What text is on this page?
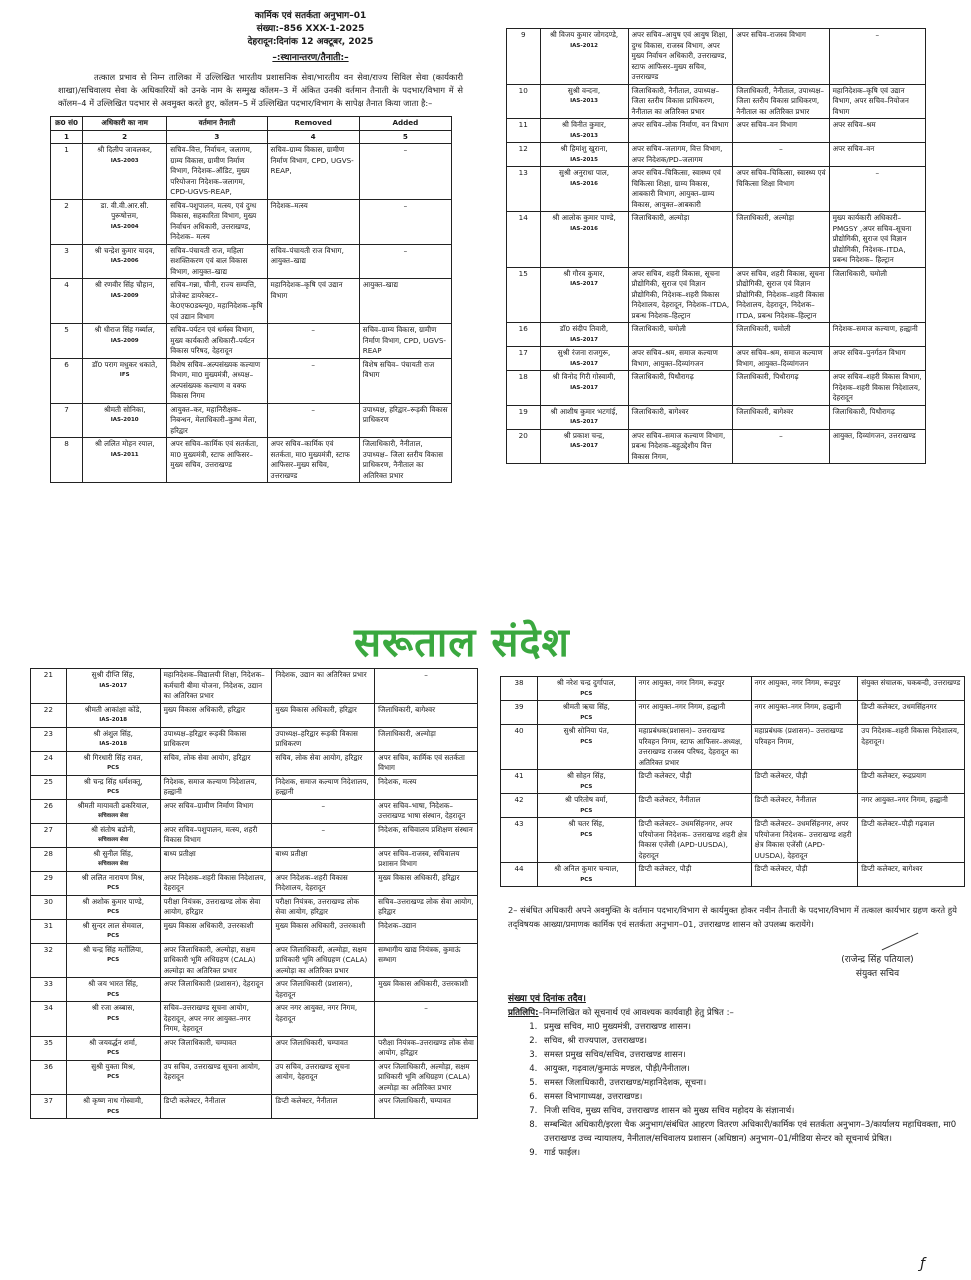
कार्मिक एवं सतर्कता अनुभाग–01
संख्या:–856 XXX-1-2025
देहरादून:दिनांक 12 अक्टूबर, 2025
–:स्थानान्तरण/तैनाती:–

तत्काल प्रभाव से निम्न तालिका में उल्लिखित भारतीय प्रशासनिक सेवा/भारतीय वन सेवा/राज्य सिविल सेवा (कार्यकारी शाखा)/सचिवालय सेवा के अधिकारियों को उनके नाम के सम्मुख कॉलम–3 में अंकित उनकी वर्तमान तैनाती के पदभार/विभाग में से कॉलम–4 में उल्लिखित पदभार से अवमुक्त करते हुए, कॉलम–5 में उल्लिखित पदभार/विभाग के सापेक्ष तैनात किया जाता है:–

क्र0 सं0	अधिकारी का नाम	वर्तमान तैनाती	Removed	Added
1	2	3	4	5
1	श्री दिलीप जावलकर,
IAS-2003	सचिव–वित्त, निर्वाचन, जलागम, ग्राम्य विकास, ग्रामीण निर्माण विभाग, निदेशक–ऑडिट, मुख्य परियोजना निदेशक–जलागम, CPD-UGVS-REAP,	सचिव–ग्राम्य विकास, ग्रामीण निर्माण विभाग, CPD, UGVS-REAP,	–
2	डा. वी.वी.आर.सी. पुरूषोत्तम,
IAS-2004	सचिव–पशुपालन, मत्स्य, एवं दुग्ध विकास, सहकारिता विभाग, मुख्य निर्वाचन अधिकारी, उत्तराखण्ड, निदेशक– मत्स्य	निदेशक–मत्स्य	–
3	श्री चन्द्रेश कुमार यादव,
IAS-2006	सचिव–पंचायती राज, महिला सशक्तिकरण एवं बाल विकास विभाग, आयुक्त–खाद्य	सचिव–पंचायती राज विभाग, आयुक्त–खाद्य	–
4	श्री रणवीर सिंह चौहान,
IAS-2009	सचिव–गन्ना, चीनी, राज्य सम्पत्ति, प्रोजेक्ट डायरेक्टर– के0एफ0डब्ल्यू0, महानिदेशक–कृषि एवं उद्यान विभाग	महानिदेशक–कृषि एवं उद्यान विभाग	आयुक्त–खाद्य
5	श्री धीराज सिंह गर्ब्याल,
IAS-2009	सचिव–पर्यटन एवं धर्मस्व विभाग, मुख्य कार्यकारी अधिकारी–पर्यटन विकास परिषद, देहरादून	–	सचिव–ग्राम्य विकास, ग्रामीण निर्माण विभाग, CPD, UGVS-REAP
6	डॉ0 पराग मधुकर धकाते,
IFS	विशेष सचिव–अल्पसंख्यक कल्याण विभाग, मा0 मुख्यमंत्री, अध्यक्ष– अल्पसंख्यक कल्याण व वक्फ विकास निगम	–	विशेष सचिव– पंचायती राज विभाग
7	श्रीमती सोनिका,
IAS-2010	आयुक्त–कर, महानिरीक्षक–निबन्धन, मेलाधिकारी–कुम्भ मेला, हरिद्वार	–	उपाध्यक्ष, हरिद्वार–रूड़की विकास प्राधिकरण
8	श्री ललित मोहन रयाल,
IAS-2011	अपर सचिव–कार्मिक एवं सतर्कता, मा0 मुख्यमंत्री, स्टाफ आफिसर–मुख्य सचिव, उत्तराखण्ड	अपर सचिव–कार्मिक एवं सतर्कता, मा0 मुख्यमंत्री, स्टाफ आफिसर–मुख्य सचिव, उत्तराखण्ड	जिलाधिकारी, नैनीताल, उपाध्यक्ष– जिला स्तरीय विकास प्राधिकरण, नैनीताल का अतिरिक्त प्रभार
9	श्री विजय कुमार जोगदण्डे,
IAS-2012	अपर सचिव–आयुष एवं आयुष शिक्षा, दुग्ध विकास, राजस्व विभाग, अपर मुख्य निर्वाचन अधिकारी, उत्तराखण्ड, स्टाफ आफिसर–मुख्य सचिव, उत्तराखण्ड	अपर सचिव–राजस्व विभाग	–
10	सुश्री वन्दना,
IAS-2013	जिलाधिकारी, नैनीताल, उपाध्यक्ष–जिला स्तरीय विकास प्राधिकरण, नैनीताल का अतिरिक्त प्रभार	जिलाधिकारी, नैनीताल, उपाध्यक्ष–जिला स्तरीय विकास प्राधिकरण, नैनीताल का अतिरिक्त प्रभार	महानिदेशक–कृषि एवं उद्यान विभाग, अपर सचिव–नियोजन विभाग
11	श्री विनीत कुमार,
IAS-2013	अपर सचिव–लोक निर्माण, वन विभाग	अपर सचिव–वन विभाग	अपर सचिव–श्रम
12	श्री हिमांशु खुराना,
IAS-2015	अपर सचिव–जलागम, वित्त विभाग, अपर निदेशक/PD–जलागम	–	अपर सचिव–वन
13	सुश्री अनुराधा पाल,
IAS-2016	अपर सचिव–चिकित्सा, स्वास्थ्य एवं चिकित्सा शिक्षा, ग्राम्य विकास, आबकारी विभाग, आयुक्त–ग्राम्य विकास, आयुक्त–आबकारी	अपर सचिव–चिकित्सा, स्वास्थ्य एवं चिकित्सा शिक्षा विभाग	–
14	श्री आलोक कुमार पाण्डे,
IAS-2016	जिलाधिकारी, अल्मोड़ा	जिलाधिकारी, अल्मोड़ा	मुख्य कार्यकारी अधिकारी–PMGSY ,अपर सचिव–सूचना प्रौद्योगिकी, सुराज एवं विज्ञान प्रौद्योगिकी, निदेशक–ITDA, प्रबन्ध निदेशक– हिल्ट्रान
15	श्री गौरव कुमार,
IAS-2017	अपर सचिव, शहरी विकास, सूचना प्रौद्योगिकी, सुराज एवं विज्ञान प्रौद्योगिकी, निदेशक–शहरी विकास निदेशालय, देहरादून, निदेशक–ITDA, प्रबन्ध निदेशक–हिल्ट्रान	अपर सचिव, शहरी विकास, सूचना प्रौद्योगिकी, सुराज एवं विज्ञान प्रौद्योगिकी, निदेशक–शहरी विकास निदेशालय, देहरादून, निदेशक–ITDA, प्रबन्ध निदेशक–हिल्ट्रान	जिलाधिकारी, चमोली
16	डॉ0 संदीप तिवारी,
IAS-2017	जिलाधिकारी, चमोली	जिलाधिकारी, चमोली	निदेशक–समाज कल्याण, हल्द्वानी
17	सुश्री रंजना राजगुरू,
IAS-2017	अपर सचिव–श्रम, समाज कल्याण विभाग, आयुक्त–दिव्यांगजन	अपर सचिव–श्रम, समाज कल्याण विभाग, आयुक्त–दिव्यांगजन	अपर सचिव–पुनर्गठन विभाग
18	श्री विनोद गिरी गोस्वामी,
IAS-2017	जिलाधिकारी, पिथौरागढ़	जिलाधिकारी, पिथौरागढ़	अपर सचिव–शहरी विकास विभाग, निदेशक–शहरी विकास निदेशालय, देहरादून
19	श्री आशीष कुमार भटगांई,
IAS-2017	जिलाधिकारी, बागेश्वर	जिलाधिकारी, बागेश्वर	जिलाधिकारी, पिथौरागढ़
20	श्री प्रकाश चन्द्र,
IAS-2017	अपर सचिव–समाज कल्याण विभाग, प्रबन्ध निदेशक–बहुउद्देशीय वित्त विकास निगम,	–	आयुक्त, दिव्यांगजन, उत्तराखण्ड
सरूताल संदेश
21	सुश्री दीप्ति सिंह,
IAS-2017	महानिदेशक–विद्यालयी शिक्षा, निदेशक–कर्मचारी बीमा योजना, निदेशक, उद्यान का अतिरिक्त प्रभार	निदेशक, उद्यान का अतिरिक्त प्रभार	–
22	श्रीमती आकांक्षा कोंडे,
IAS-2018	मुख्य विकास अधिकारी, हरिद्वार	मुख्य विकास अधिकारी, हरिद्वार	जिलाधिकारी, बागेश्वर
23	श्री अंशुल सिंह,
IAS-2018	उपाध्यक्ष–हरिद्वार रूड़की विकास प्राधिकरण	उपाध्यक्ष–हरिद्वार रूड़की विकास प्राधिकरण	जिलाधिकारी, अल्मोड़ा
24	श्री गिरधारी सिंह रावत,
PCS	सचिव, लोक सेवा आयोग, हरिद्वार	सचिव, लोक सेवा आयोग, हरिद्वार	अपर सचिव, कार्मिक एवं सतर्कता विभाग
25	श्री चन्द्र सिंह धर्मशक्तू,
PCS	निदेशक, समाज कल्याण निदेशालय, हल्द्वानी	निदेशक, समाज कल्याण निदेशालय, हल्द्वानी	निदेशक, मत्स्य
26	श्रीमती मायावती ढकरियाल,
सचिवालय सेवा	अपर सचिव–ग्रामीण निर्माण विभाग	–	अपर सचिव–भाषा, निदेशक–उत्तराखण्ड भाषा संस्थान, देहरादून
27	श्री संतोष बडोनी,
सचिवालय सेवा	अपर सचिव–पशुपालन, मत्स्य, शहरी विकास विभाग	–	निदेशक, सचिवालय प्रशिक्षण संस्थान
28	श्री सुनील सिंह,
सचिवालय सेवा	बाध्य प्रतीक्षा	बाध्य प्रतीक्षा	अपर सचिव–राजस्व, सचिवालय प्रशासन विभाग
29	श्री ललित नारायण मिश्र,
PCS	अपर निदेशक–शहरी विकास निदेशालय, देहरादून	अपर निदेशक–शहरी विकास निदेशालय, देहरादून	मुख्य विकास अधिकारी, हरिद्वार
30	श्री अशोक कुमार पाण्डे,
PCS	परीक्षा नियंत्रक, उत्तराखण्ड लोक सेवा आयोग, हरिद्वार	परीक्षा नियंत्रक, उत्तराखण्ड लोक सेवा आयोग, हरिद्वार	सचिव–उत्तराखण्ड लोक सेवा आयोग, हरिद्वार
31	श्री सुन्दर लाल सेमवाल,
PCS	मुख्य विकास अधिकारी, उत्तरकाशी	मुख्य विकास अधिकारी, उत्तरकाशी	निदेशक–उद्यान
32	श्री चन्द्र सिंह मर्तोलिया,
PCS	अपर जिलाधिकारी, अल्मोड़ा, सक्षम प्राधिकारी भूमि अधिग्रहण (CALA) अल्मोड़ा का अतिरिक्त प्रभार	अपर जिलाधिकारी, अल्मोड़ा, सक्षम प्राधिकारी भूमि अधिग्रहण (CALA) अल्मोड़ा का अतिरिक्त प्रभार	सम्भागीय खाद्य नियंत्रक, कुमाऊं सम्भाग
33	श्री जय भारत सिंह,
PCS	अपर जिलाधिकारी (प्रशासन), देहरादून	अपर जिलाधिकारी (प्रशासन), देहरादून	मुख्य विकास अधिकारी, उत्तरकाशी
34	श्री रजा अब्बास,
PCS	सचिव–उत्तराखण्ड सूचना आयोग, देहरादून, अपर नगर आयुक्त–नगर निगम, देहरादून	अपर नगर आयुक्त, नगर निगम, देहरादून	–
35	श्री जयवर्द्धन शर्मा,
PCS	अपर जिलाधिकारी, चम्पावत	अपर जिलाधिकारी, चम्पावत	परीक्षा नियंत्रक–उत्तराखण्ड लोक सेवा आयोग, हरिद्वार
36	सुश्री युक्ता मिश्र,
PCS	उप सचिव, उत्तराखण्ड सूचना आयोग, देहरादून	उप सचिव, उत्तराखण्ड सूचना आयोग, देहरादून	अपर जिलाधिकारी, अल्मोड़ा, सक्षम प्राधिकारी भूमि अधिग्रहण (CALA) अल्मोड़ा का अतिरिक्त प्रभार
37	श्री कृष्ण नाथ गोस्वामी,
PCS	डिप्टी कलेक्टर, नैनीताल	डिप्टी कलेक्टर, नैनीताल	अपर जिलाधिकारी, चम्पावत
38	श्री नरेश चन्द्र दुर्गापाल,
PCS	नगर आयुक्त, नगर निगम, रूद्रपुर	नगर आयुक्त, नगर निगम, रूद्रपुर	संयुक्त संचालक, चकबन्दी, उत्तराखण्ड
39	श्रीमती ऋचा सिंह,
PCS	नगर आयुक्त–नगर निगम, हल्द्वानी	नगर आयुक्त–नगर निगम, हल्द्वानी	डिप्टी कलेक्टर, उधमसिंहनगर
40	सुश्री सोनिया पंत,
PCS	महाप्रबंधक(प्रशासन)– उत्तराखण्ड परिवहन निगम, स्टाफ आफिसर–अध्यक्ष, उत्तराखण्ड राजस्व परिषद, देहरादून का अतिरिक्त प्रभार	महाप्रबंधक (प्रशासन)– उत्तराखण्ड परिवहन निगम,	उप निदेशक–शहरी विकास निदेशालय, देहरादून।
41	श्री सोहन सिंह,
PCS	डिप्टी कलेक्टर, पौड़ी	डिप्टी कलेक्टर, पौड़ी	डिप्टी कलेक्टर, रूद्रप्रयाग
42	श्री परितोष वर्मा,
PCS	डिप्टी कलेक्टर, नैनीताल	डिप्टी कलेक्टर, नैनीताल	नगर आयुक्त–नगर निगम, हल्द्वानी
43	श्री चतर सिंह,
PCS	डिप्टी कलेक्टर– उधमसिंहनगर, अपर परियोजना निदेशक– उत्तराखण्ड शहरी क्षेत्र विकास एजेंसी (APD-UUSDA), देहरादून	डिप्टी कलेक्टर– उधमसिंहनगर, अपर परियोजना निदेशक– उत्तराखण्ड शहरी क्षेत्र विकास एजेंसी (APD-UUSDA), देहरादून	डिप्टी कलेक्टर–पौड़ी गढ़वाल
44	श्री अनिल कुमार चन्याल,
PCS	डिप्टी कलेक्टर, पौड़ी	डिप्टी कलेक्टर, पौड़ी	डिप्टी कलेक्टर, बागेश्वर

2– संबंधित अधिकारी अपने अवमुक्ति के वर्तमान पदभार/विभाग से कार्यमुक्त होकर नवीन तैनाती के पदभार/विभाग में तत्काल कार्यभार ग्रहण करते हुये तद्‌विषयक आख्या/प्रमाणक कार्मिक एवं सतर्कता अनुभाग–01, उत्तराखण्ड शासन को उपलब्ध करायेंगे।

(राजेन्द्र सिंह पतियाल)
संयुक्त सचिव
संख्या एवं दिनांक तदैव।
प्रतिलिपि:–निम्नलिखित को सूचनार्थ एवं आवश्यक कार्यवाही हेतु प्रेषित :–
1. प्रमुख सचिव, मा0 मुख्यमंत्री, उत्तराखण्ड शासन।
2. सचिव, श्री राज्यपाल, उत्तराखण्ड।
3. समस्त प्रमुख सचिव/सचिव, उत्तराखण्ड शासन।
4. आयुक्त, गढ़वाल/कुमाऊं मण्डल, पौड़ी/नैनीताल।
5. समस्त जिलाधिकारी, उत्तराखण्ड/महानिदेशक, सूचना।
6. समस्त विभागाध्यक्ष, उत्तराखण्ड।
7. निजी सचिव, मुख्य सचिव, उत्तराखण्ड शासन को मुख्य सचिव महोदय के संज्ञानार्थ।
8. सम्बन्धित अधिकारी/इरला चैक अनुभाग/संबंधित आहरण वितरण अधिकारी/कार्मिक एवं सतर्कता अनुभाग–3/कार्यालय महाधिवक्ता, मा0 उत्तराखण्ड उच्च न्यायालय, नैनीताल/सचिवालय प्रशासन (अधिष्ठान) अनुभाग–01/मीडिया सेन्टर को सूचनार्थ प्रेषित।
9. गार्ड फाईल।
ƒ
